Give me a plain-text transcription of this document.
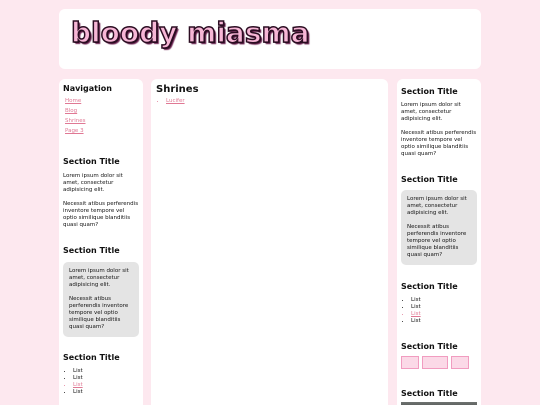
bloody miasma
Navigation
Home
Blog
Shrines
Page 3
Section Title

Lorem ipsum dolor sit amet, consectetur adipisicing elit.

Necessit atibus perferendis inventore tempore vel optio similique blanditiis quasi quam?

Section Title

Lorem ipsum dolor sit amet, consectetur adipisicing elit.

Necessit atibus perferendis inventore tempore vel optio similique blanditiis quasi quam?

Section Title
• List
• List
• List
• List
Shrines
• Lucifer
Section Title

Lorem ipsum dolor sit amet, consectetur adipisicing elit.

Necessit atibus perferendis inventore tempore vel optio similique blanditiis quasi quam?

Section Title

Lorem ipsum dolor sit amet, consectetur adipisicing elit.

Necessit atibus perferendis inventore tempore vel optio similique blanditiis quasi quam?

Section Title
• List
• List
• List
• List
Section Title
Section Title
